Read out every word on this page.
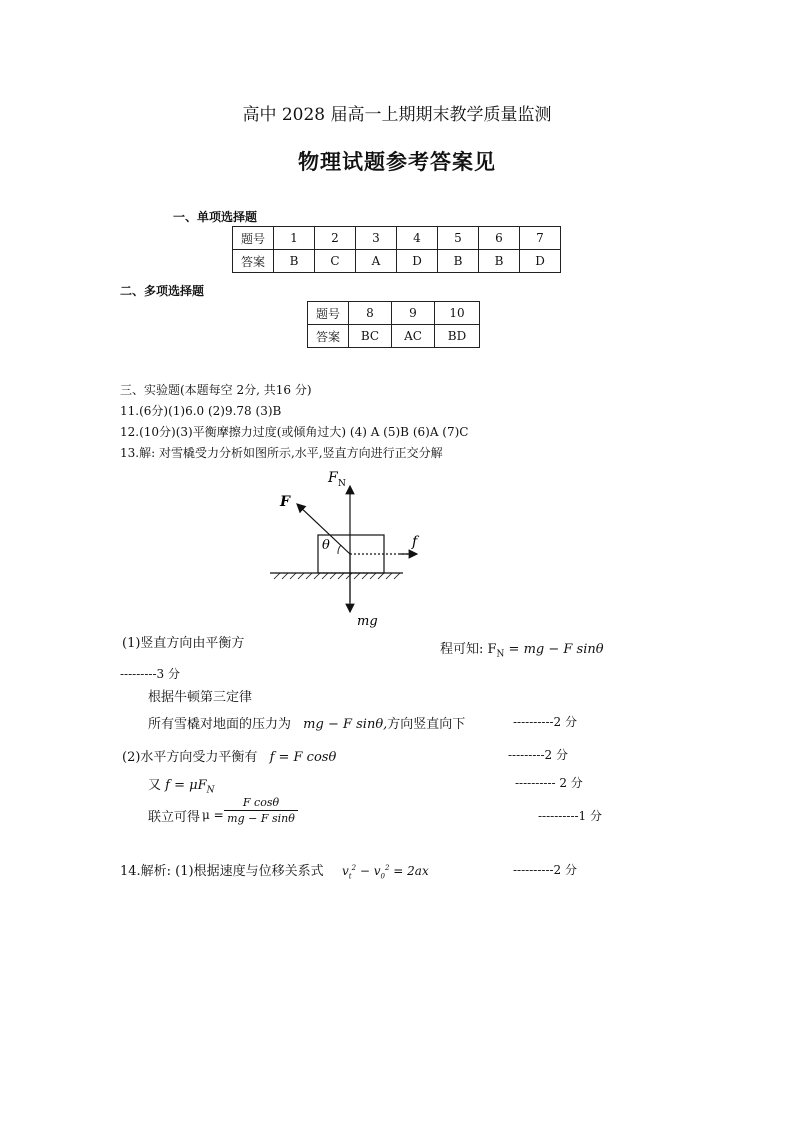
高中 2028 届高一上期期末教学质量监测
物理试题参考答案见
一、单项选择题
题号	1	2	3	4	5	6	7
答案	B	C	A	D	B	B	D
二、多项选择题
题号	8	9	10
答案	BC	AC	BD
三、实验题(本题每空 2分, 共16 分)
11.(6分)(1)6.0 (2)9.78 (3)B
12.(10分)(3)平衡摩擦力过度(或倾角过大) (4) A (5)B (6)A (7)C
13.解: 对雪橇受力分析如图所示,水平,竖直方向进行正交分解
F N
F
θ	f
mg
(1)竖直方向由平衡方	程可知: $F_N$ = mg − F sinθ
---------3 分
根据牛顿第三定律
所有雪橇对地面的压力为 mg − F sinθ,方向竖直向下	----------2 分
(2)水平方向受力平衡有 f = F cosθ	---------2 分
又 $f = \mu F_N$
---------- 2 分
联立可得 $\mu = \frac{\text{F cosθ}}{\text{mg − F sinθ}}$	----------1 分
14.解析: (1)根据速度与位移关系式 $v_t^2 - v_0^2 = 2ax$	----------2 分
